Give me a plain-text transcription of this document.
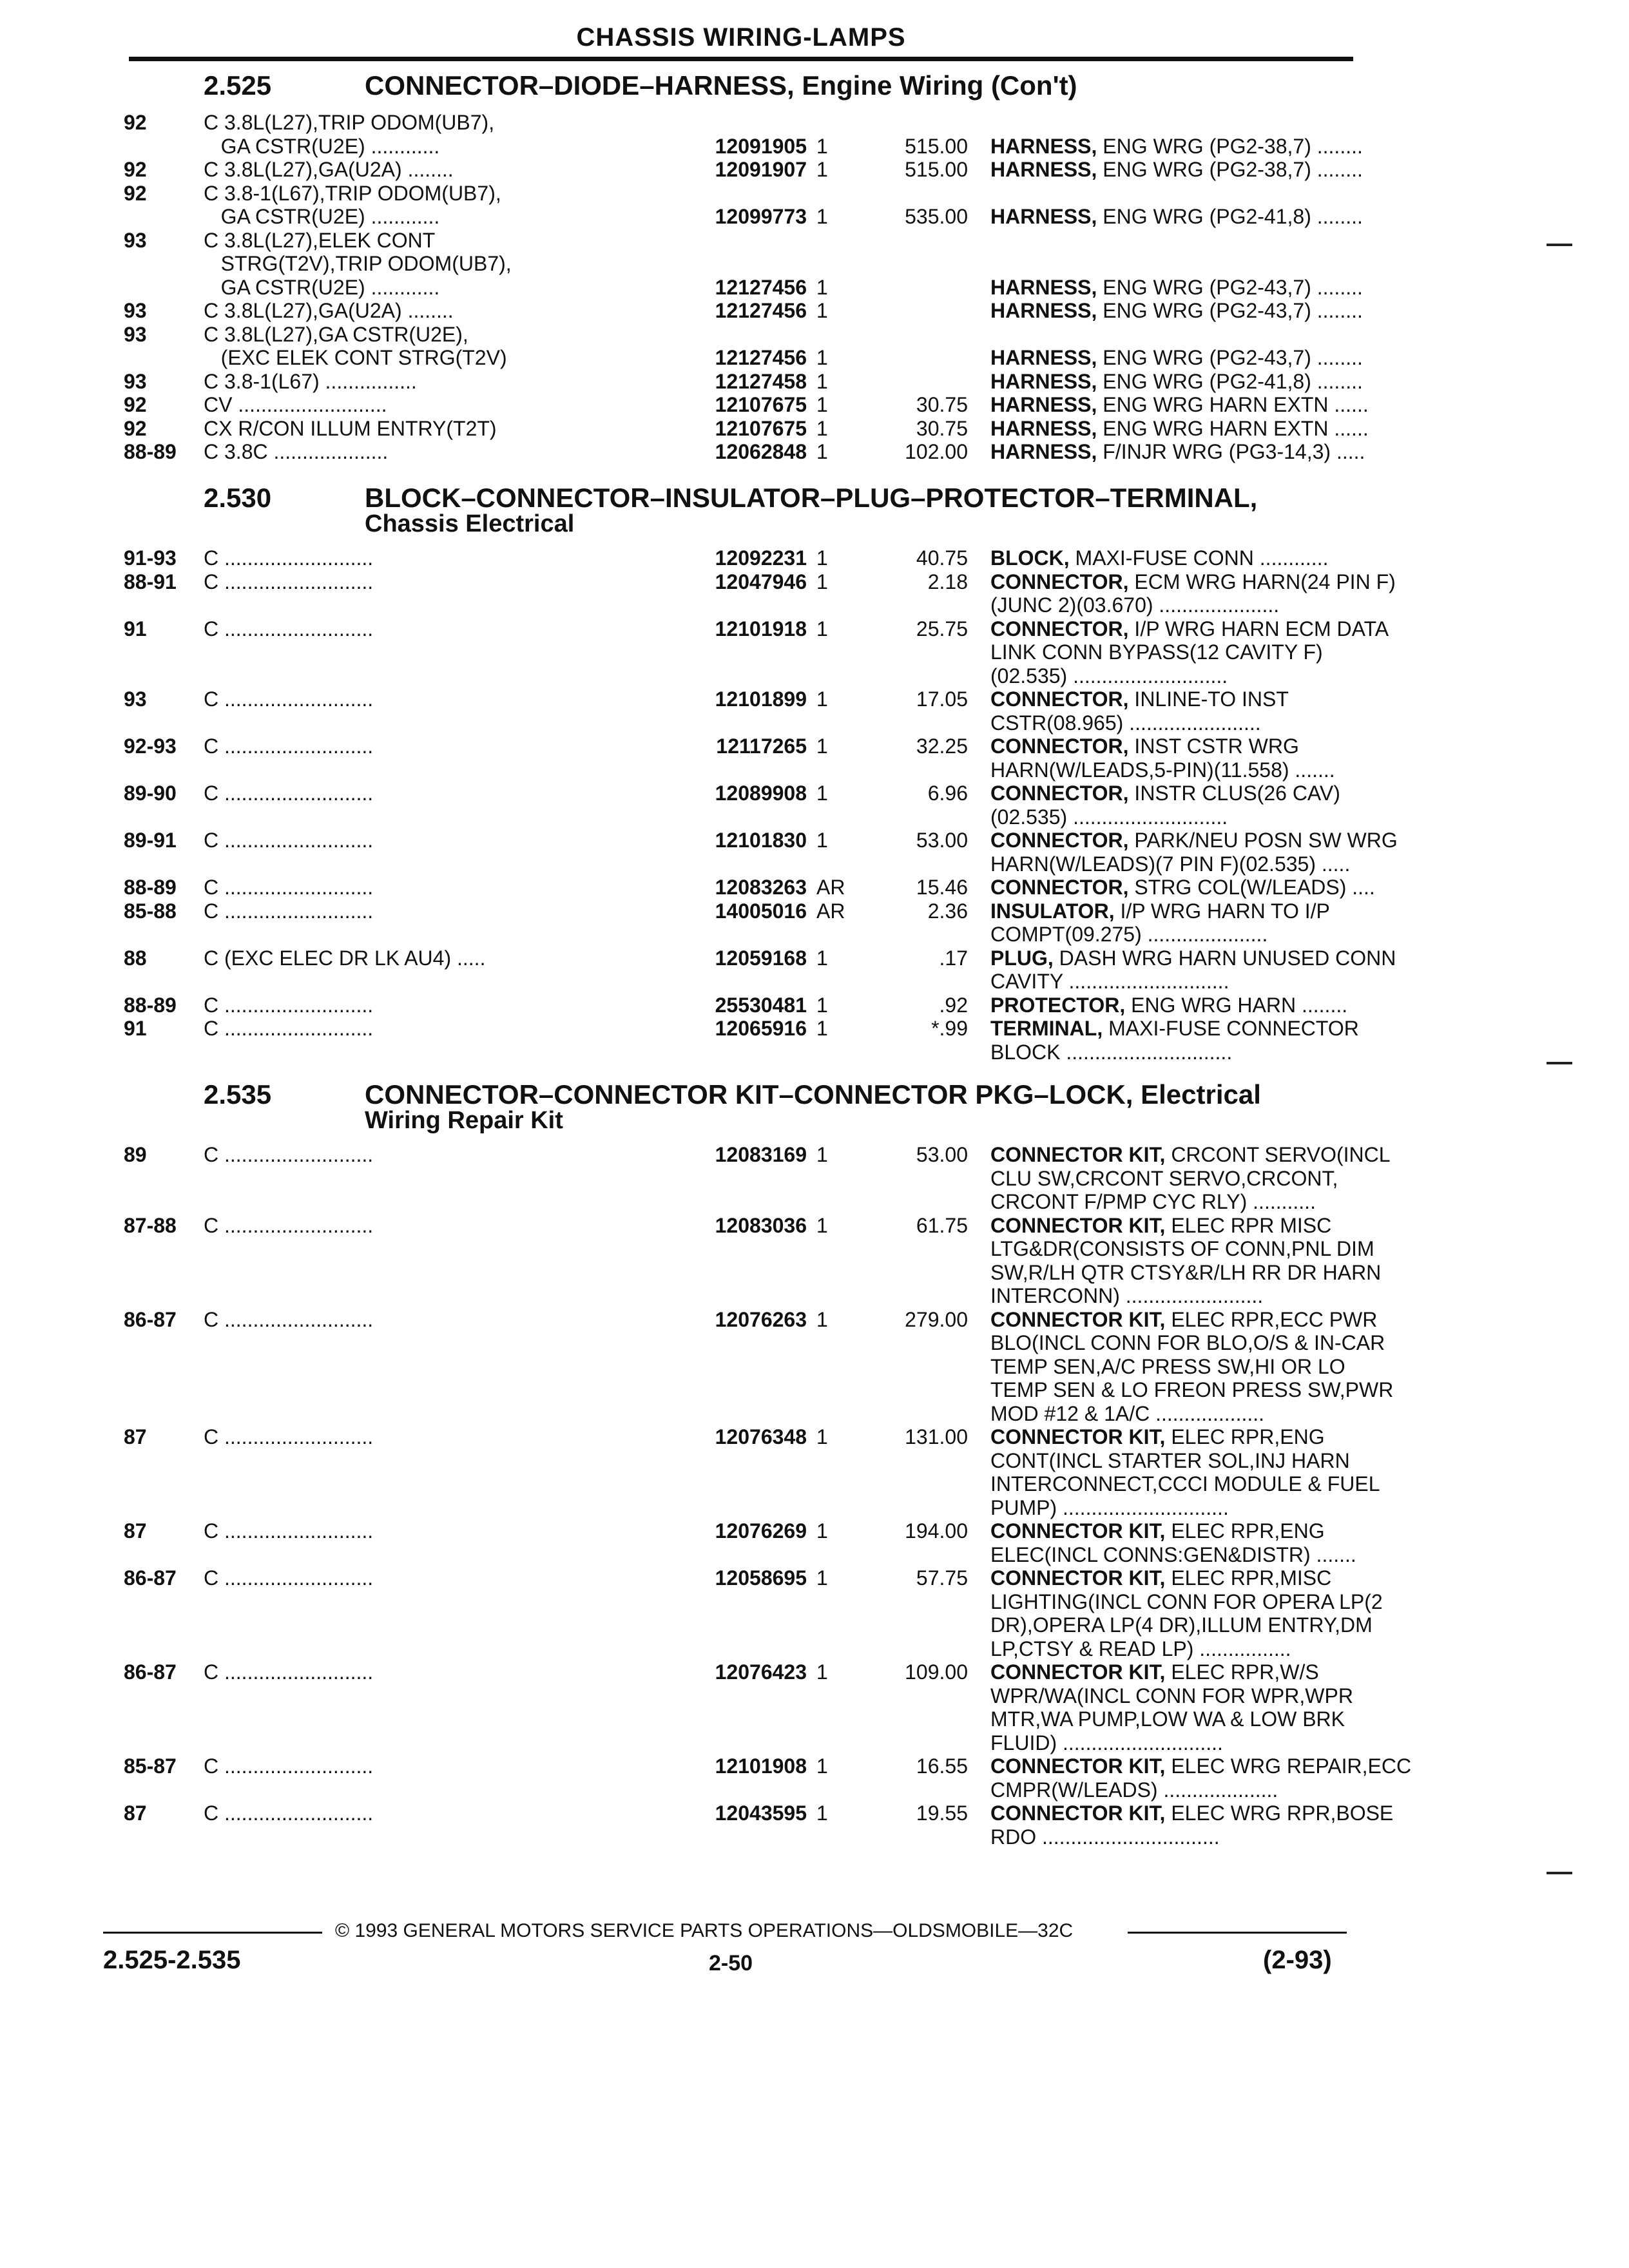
CHASSIS WIRING-LAMPS
2.525	CONNECTOR–DIODE–HARNESS, Engine Wiring (Con't)
92	C 3.8L(L27),TRIP ODOM(UB7),
GA CSTR(U2E) ............	12091905 1	515.00 HARNESS, ENG WRG (PG2-38,7) ........
92	C 3.8L(L27),GA(U2A) ........	12091907 1	515.00 HARNESS, ENG WRG (PG2-38,7) ........
92	C 3.8-1(L67),TRIP ODOM(UB7),
GA CSTR(U2E) ............	12099773 1	535.00 HARNESS, ENG WRG (PG2-41,8) ........
93	C 3.8L(L27),ELEK CONT
STRG(T2V),TRIP ODOM(UB7),
GA CSTR(U2E) ............	12127456 1	HARNESS, ENG WRG (PG2-43,7) ........
93	C 3.8L(L27),GA(U2A) ........	12127456 1	HARNESS, ENG WRG (PG2-43,7) ........
93	C 3.8L(L27),GA CSTR(U2E),
(EXC ELEK CONT STRG(T2V)	12127456 1	HARNESS, ENG WRG (PG2-43,7) ........
93	C 3.8-1(L67) ................	12127458 1	HARNESS, ENG WRG (PG2-41,8) ........
92	CV ..........................	12107675 1	30.75 HARNESS, ENG WRG HARN EXTN ......
92	CX R/CON ILLUM ENTRY(T2T)	12107675 1	30.75 HARNESS, ENG WRG HARN EXTN ......
88-89 C 3.8C ....................	12062848 1	102.00 HARNESS, F/INJR WRG (PG3-14,3) .....
2.530	BLOCK–CONNECTOR–INSULATOR–PLUG–PROTECTOR–TERMINAL,
Chassis Electrical
91-93 C ..........................	12092231 1	40.75 BLOCK, MAXI-FUSE CONN ............
88-91 C ..........................	12047946 1	2.18 CONNECTOR, ECM WRG HARN(24 PIN F)
(JUNC 2)(03.670) .....................
91	C ..........................	12101918 1	25.75 CONNECTOR, I/P WRG HARN ECM DATA
LINK CONN BYPASS(12 CAVITY F)
(02.535) ...........................
93	C ..........................	12101899 1	17.05 CONNECTOR, INLINE-TO INST
CSTR(08.965) .......................
92-93 C ..........................	12117265 1	32.25 CONNECTOR, INST CSTR WRG
HARN(W/LEADS,5-PIN)(11.558) .......
89-90 C ..........................	12089908 1	6.96 CONNECTOR, INSTR CLUS(26 CAV)
(02.535) ...........................
89-91 C ..........................	12101830 1	53.00 CONNECTOR, PARK/NEU POSN SW WRG
HARN(W/LEADS)(7 PIN F)(02.535) .....
88-89 C ..........................	12083263 AR	15.46 CONNECTOR, STRG COL(W/LEADS) ....
85-88 C ..........................	14005016 AR	2.36 INSULATOR, I/P WRG HARN TO I/P
COMPT(09.275) .....................
88	C (EXC ELEC DR LK AU4) .....	12059168 1	.17 PLUG, DASH WRG HARN UNUSED CONN
CAVITY ............................
88-89 C ..........................	25530481 1	.92 PROTECTOR, ENG WRG HARN ........
91	C ..........................	12065916 1	*.99 TERMINAL, MAXI-FUSE CONNECTOR
BLOCK .............................
2.535	CONNECTOR–CONNECTOR KIT–CONNECTOR PKG–LOCK, Electrical
Wiring Repair Kit
89	C ..........................	12083169 1	53.00 CONNECTOR KIT, CRCONT SERVO(INCL
CLU SW,CRCONT SERVO,CRCONT,
CRCONT F/PMP CYC RLY) ...........
87-88 C ..........................	12083036 1	61.75 CONNECTOR KIT, ELEC RPR MISC
LTG&DR(CONSISTS OF CONN,PNL DIM
SW,R/LH QTR CTSY&R/LH RR DR HARN
INTERCONN) ........................
86-87 C ..........................	12076263 1	279.00 CONNECTOR KIT, ELEC RPR,ECC PWR
BLO(INCL CONN FOR BLO,O/S & IN-CAR
TEMP SEN,A/C PRESS SW,HI OR LO
TEMP SEN & LO FREON PRESS SW,PWR
MOD #12 & 1A/C ...................
87	C ..........................	12076348 1	131.00 CONNECTOR KIT, ELEC RPR,ENG
CONT(INCL STARTER SOL,INJ HARN
INTERCONNECT,CCCI MODULE & FUEL
PUMP) .............................
87	C ..........................	12076269 1	194.00 CONNECTOR KIT, ELEC RPR,ENG
ELEC(INCL CONNS:GEN&DISTR) .......
86-87 C ..........................	12058695 1	57.75 CONNECTOR KIT, ELEC RPR,MISC
LIGHTING(INCL CONN FOR OPERA LP(2
DR),OPERA LP(4 DR),ILLUM ENTRY,DM
LP,CTSY & READ LP) ................
86-87 C ..........................	12076423 1	109.00 CONNECTOR KIT, ELEC RPR,W/S
WPR/WA(INCL CONN FOR WPR,WPR
MTR,WA PUMP,LOW WA & LOW BRK
FLUID) ............................
85-87 C ..........................	12101908 1	16.55 CONNECTOR KIT, ELEC WRG REPAIR,ECC
CMPR(W/LEADS) ....................
87	C ..........................	12043595 1	19.55 CONNECTOR KIT, ELEC WRG RPR,BOSE
RDO ...............................
© 1993 GENERAL MOTORS SERVICE PARTS OPERATIONS—OLDSMOBILE—32C
2.525-2.535	2-50	(2-93)
